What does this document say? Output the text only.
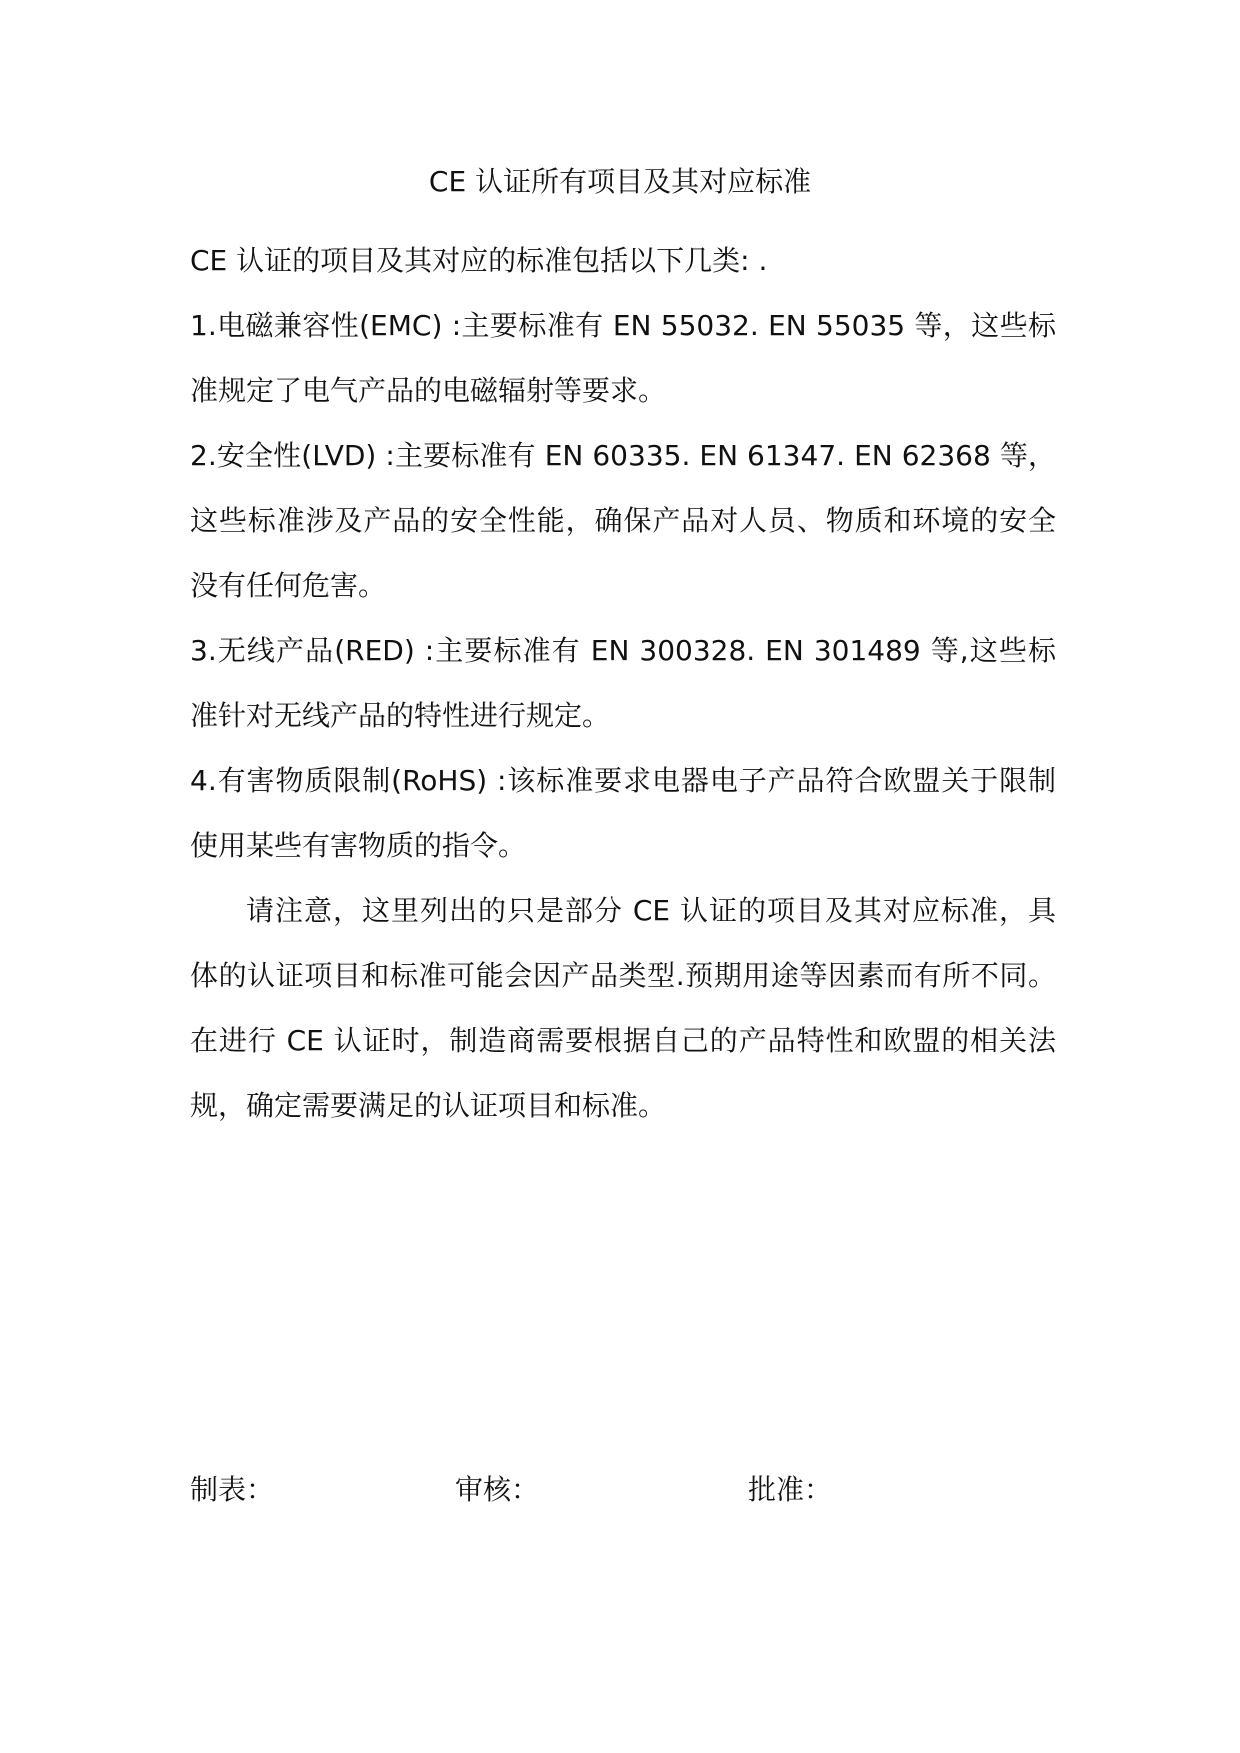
CE 认证所有项目及其对应标准

CE 认证的项目及其对应的标准包括以下几类: .

1.电磁兼容性(EMC) :主要标准有 EN 55032. EN 55035 等，这些标准规定了电气产品的电磁辐射等要求。

2.安全性(LVD) :主要标准有 EN 60335. EN 61347. EN 62368 等，这些标准涉及产品的安全性能，确保产品对人员、物质和环境的安全没有任何危害。

3.无线产品(RED) :主要标准有 EN 300328. EN 301489 等,这些标准针对无线产品的特性进行规定。

4.有害物质限制(RoHS) :该标准要求电器电子产品符合欧盟关于限制使用某些有害物质的指令。

请注意，这里列出的只是部分 CE 认证的项目及其对应标准，具体的认证项目和标准可能会因产品类型.预期用途等因素而有所不同。在进行 CE 认证时，制造商需要根据自己的产品特性和欧盟的相关法规，确定需要满足的认证项目和标准。

制表：	审核：	批准：
